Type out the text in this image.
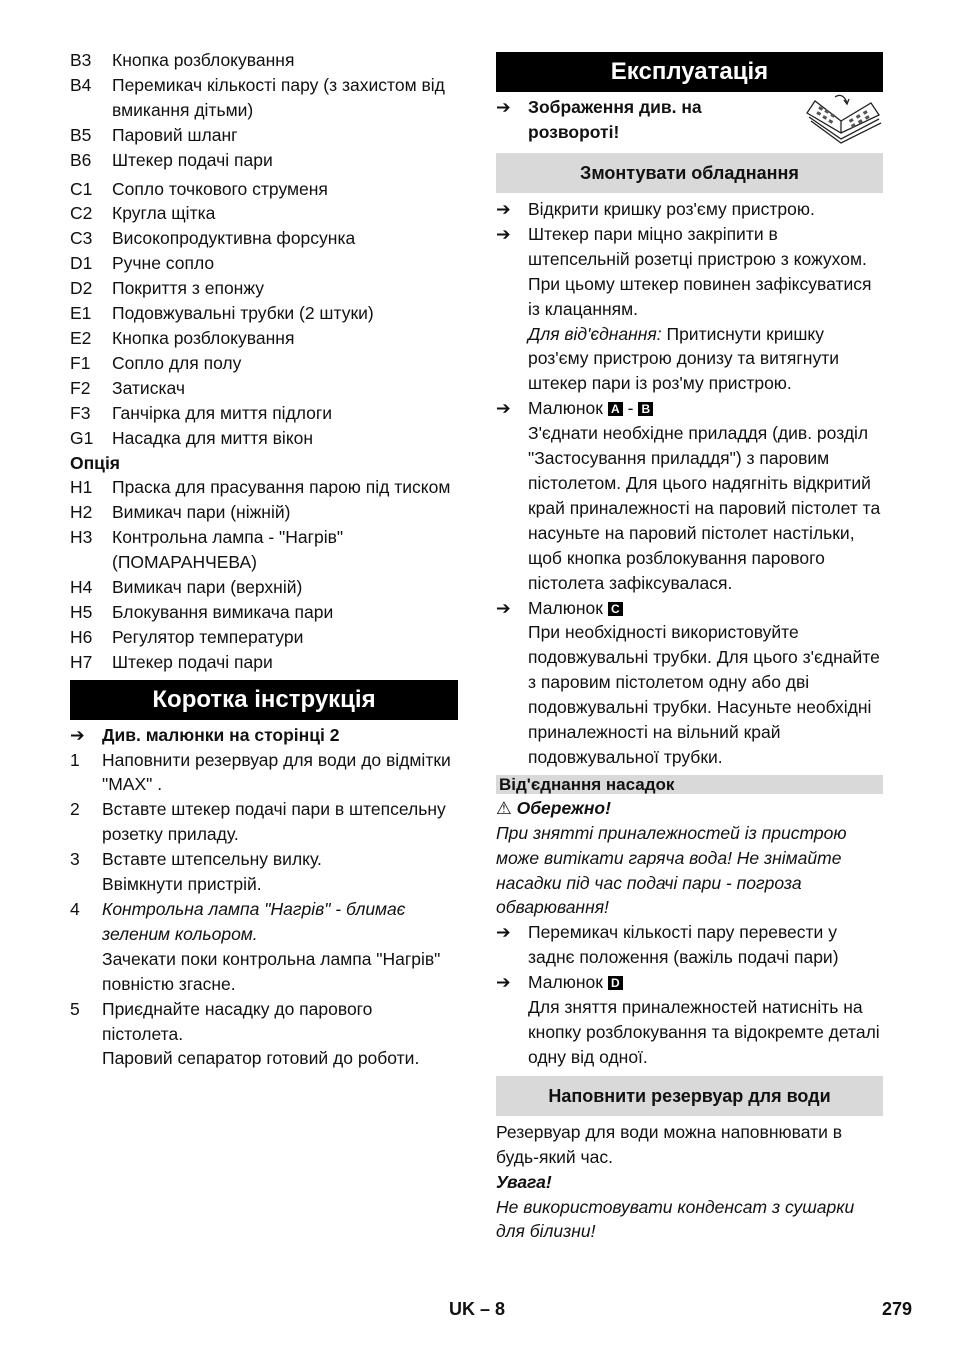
B3	Кнопка розблокування
B4	Перемикач кількості пару (з захистом від вмикання дітьми)
B5	Паровий шланг
B6	Штекер подачі пари
C1	Сопло точкового струменя
C2	Кругла щітка
C3	Високопродуктивна форсунка
D1	Ручне сопло
D2	Покриття з епонжу
E1	Подовжувальні трубки (2 штуки)
E2	Кнопка розблокування
F1	Сопло для полу
F2	Затискач
F3	Ганчірка для миття підлоги
G1	Насадка для миття вікон
Опція
H1	Праска для прасування парою під тиском
H2	Вимикач пари (ніжній)
H3	Контрольна лампа - "Нагрів" (ПОМАРАНЧЕВА)
H4	Вимикач пари (верхній)
H5	Блокування вимикача пари
H6	Регулятор температури
H7	Штекер подачі пари
Коротка інструкція
➔ Див. малюнки на сторінці 2
1	Наповнити резервуар для води до відмітки "MAX" .
2	Вставте штекер подачі пари в штепсельну розетку приладу.
3	Вставте штепсельну вилку.
Ввімкнути пристрій.
4	Контрольна лампа "Нагрів" - блимає зеленим кольором.
Зачекати поки контрольна лампа "Нагрів" повністю згасне.
5	Приєднайте насадку до парового пістолета.
Паровий сепаратор готовий до роботи.
Експлуатація
➔ Зображення див. на розвороті!
Змонтувати обладнання
➔ Відкрити кришку роз'єму пристрою.
➔ Штекер пари міцно закріпити в штепсельній розетці пристрою з кожухом. При цьому штекер повинен зафіксуватися із клацанням.
Для від'єднання: Притиснути кришку роз'єму пристрою донизу та витягнути штекер пари із роз'му пристрою.
➔ Малюнок A - B
З'єднати необхідне приладдя (див. розділ "Застосування приладдя") з паровим пістолетом. Для цього надягніть відкритий край приналежності на паровий пістолет та насуньте на паровий пістолет настільки, щоб кнопка розблокування парового пістолета зафіксувалася.
➔ Малюнок C
При необхідності використовуйте подовжувальні трубки. Для цього з'єднайте з паровим пістолетом одну або дві подовжувальні трубки. Насуньте необхідні приналежності на вільний край подовжувальної трубки.
Від'єднання насадок
⚠ Обережно!
При знятті приналежностей із пристрою може витікати гаряча вода! Не знімайте насадки під час подачі пари - погроза обварювання!
➔ Перемикач кількості пару перевести у заднє положення (важіль подачі пари)
➔ Малюнок D
Для зняття приналежностей натисніть на кнопку розблокування та відокремте деталі одну від одної.
Наповнити резервуар для води
Резервуар для води можна наповнювати в будь-який час.
Увага!
Не використовувати конденсат з сушарки для білизни!
UK – 8	279
